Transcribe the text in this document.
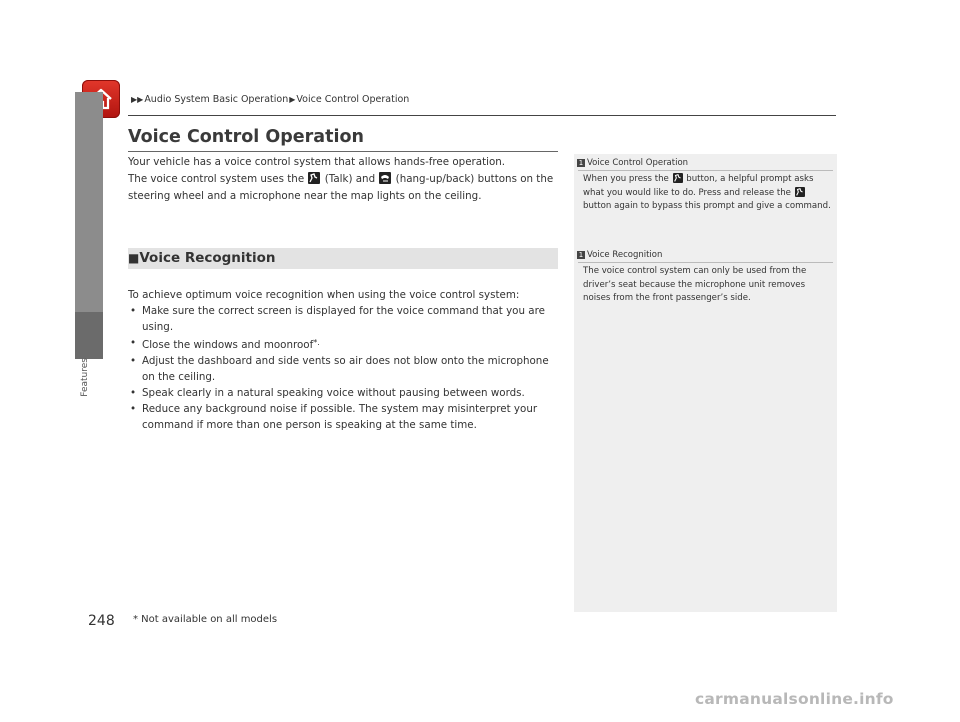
▶▶Audio System Basic Operation▶Voice Control Operation
Features
Voice Control Operation
Your vehicle has a voice control system that allows hands-free operation.
The voice control system uses the
(Talk) and
(hang-up/back) buttons on the
steering wheel and a microphone near the map lights on the ceiling.
■Voice Recognition

To achieve optimum voice recognition when using the voice control system:

• Make sure the correct screen is displayed for the voice command that you are using.

• Close the windows and moonroof*.

• Adjust the dashboard and side vents so air does not blow onto the microphone on the ceiling.

• Speak clearly in a natural speaking voice without pausing between words.

• Reduce any background noise if possible. The system may misinterpret your command if more than one person is speaking at the same time.

1 Voice Control Operation
When you press the
button, a helpful prompt asks what you would like to do. Press and release the
button again to bypass this prompt and give a command.
1 Voice Recognition
The voice control system can only be used from the driver’s seat because the microphone unit removes noises from the front passenger’s side.
248 * Not available on all models
carmanualsonline.info
